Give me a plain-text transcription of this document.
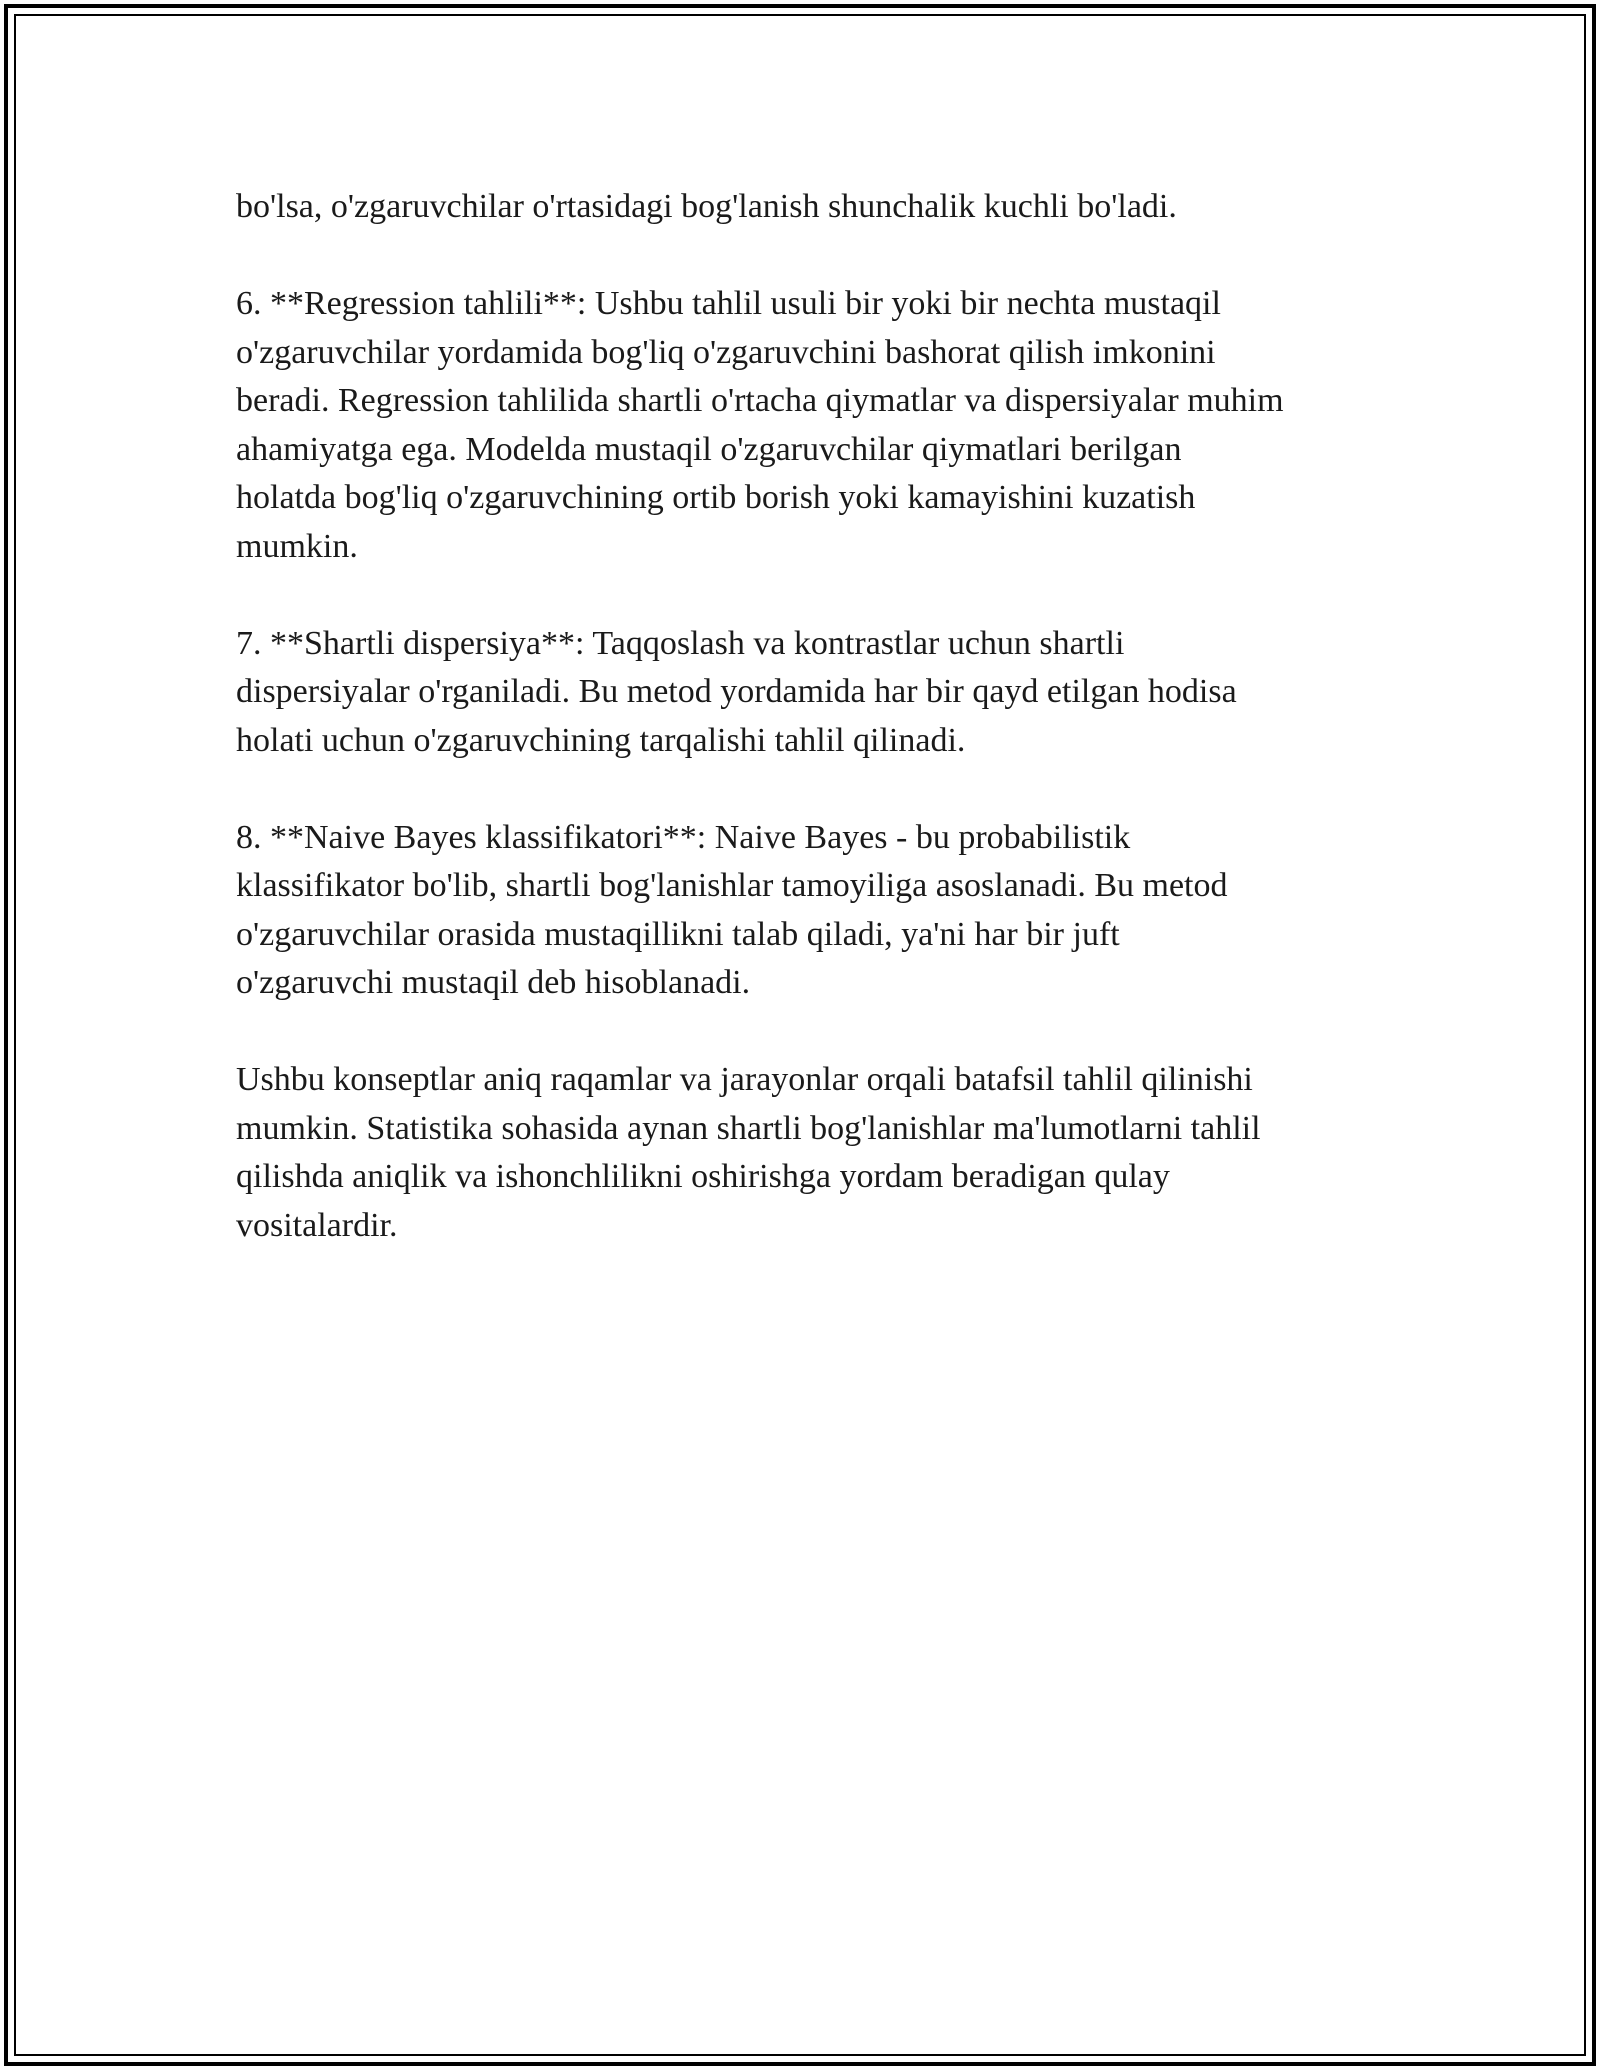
bo'lsa, o'zgaruvchilar o'rtasidagi bog'lanish shunchalik kuchli bo'ladi.

6. **Regression tahlili**: Ushbu tahlil usuli bir yoki bir nechta mustaqil
o'zgaruvchilar yordamida bog'liq o'zgaruvchini bashorat qilish imkonini
beradi. Regression tahlilida shartli o'rtacha qiymatlar va dispersiyalar muhim
ahamiyatga ega. Modelda mustaqil o'zgaruvchilar qiymatlari berilgan
holatda bog'liq o'zgaruvchining ortib borish yoki kamayishini kuzatish
mumkin.

7. **Shartli dispersiya**: Taqqoslash va kontrastlar uchun shartli
dispersiyalar o'rganiladi. Bu metod yordamida har bir qayd etilgan hodisa
holati uchun o'zgaruvchining tarqalishi tahlil qilinadi.

8. **Naive Bayes klassifikatori**: Naive Bayes - bu probabilistik
klassifikator bo'lib, shartli bog'lanishlar tamoyiliga asoslanadi. Bu metod
o'zgaruvchilar orasida mustaqillikni talab qiladi, ya'ni har bir juft
o'zgaruvchi mustaqil deb hisoblanadi.

Ushbu konseptlar aniq raqamlar va jarayonlar orqali batafsil tahlil qilinishi
mumkin. Statistika sohasida aynan shartli bog'lanishlar ma'lumotlarni tahlil
qilishda aniqlik va ishonchlilikni oshirishga yordam beradigan qulay
vositalardir.
